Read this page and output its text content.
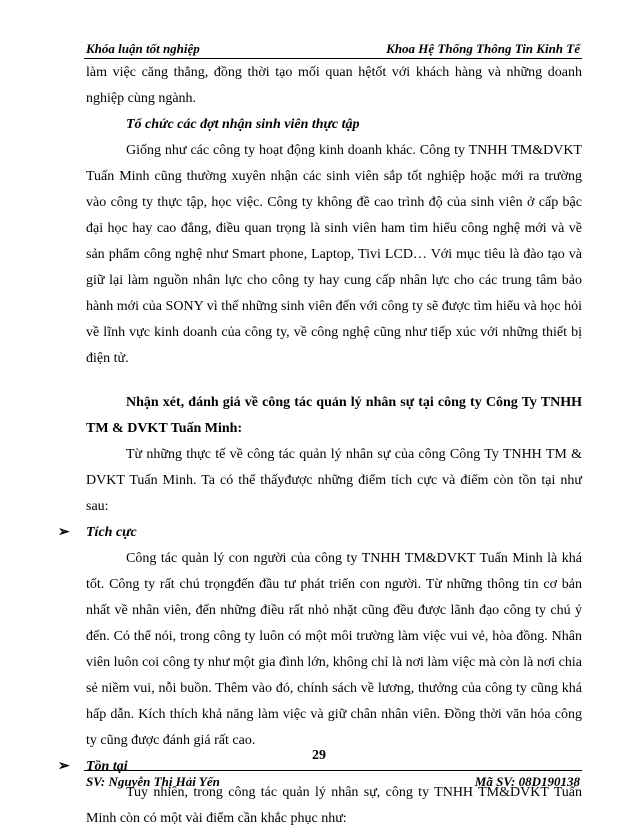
Khóa luận tốt nghiệp	Khoa Hệ Thống Thông Tin Kinh Tế

làm việc căng thẳng, đồng thời tạo mối quan hệtốt với khách hàng và những doanh nghiệp cùng ngành.

Tổ chức các đợt nhận sinh viên thực tập

Giống như các công ty hoạt động kinh doanh khác. Công ty TNHH TM&DVKT Tuấn Minh cũng thường xuyên nhận các sinh viên sắp tốt nghiệp hoặc mới ra trường vào công ty thực tập, học việc. Công ty không đề cao trình độ của sinh viên ở cấp bậc đại học hay cao đẳng, điều quan trọng là sinh viên ham tìm hiểu công nghệ mới và về sản phẩm công nghệ như Smart phone, Laptop, Tivi LCD… Với mục tiêu là đào tạo và giữ lại làm nguồn nhân lực cho công ty hay cung cấp nhân lực cho các trung tâm bảo hành mới của SONY vì thế những sinh viên đến với công ty sẽ được tìm hiểu và học hỏi về lĩnh vực kinh doanh của công ty, về công nghệ cũng như tiếp xúc với những thiết bị điện tử.

Nhận xét, đánh giá về công tác quản lý nhân sự tại công ty Công Ty TNHH TM & DVKT Tuấn Minh:

Từ những thực tế về công tác quản lý nhân sự của công Công Ty TNHH TM & DVKT Tuấn Minh. Ta có thể thấyđược những điểm tích cực và điểm còn tồn tại như sau:

➢ Tích cực

Công tác quản lý con người của công ty TNHH TM&DVKT Tuấn Minh là khá tốt. Công ty rất chú trọngđến đầu tư phát triển con người. Từ những thông tin cơ bản nhất về nhân viên, đến những điều rất nhỏ nhặt cũng đều được lãnh đạo công ty chú ý đến. Có thể nói, trong công ty luôn có một môi trường làm việc vui vẻ, hòa đồng. Nhân viên luôn coi công ty như một gia đình lớn, không chỉ là nơi làm việc mà còn là nơi chia sẻ niềm vui, nỗi buồn. Thêm vào đó, chính sách về lương, thưởng của công ty cũng khá hấp dẫn. Kích thích khả năng làm việc và giữ chân nhân viên. Đồng thời văn hóa công ty cũng được đánh giá rất cao.

➢ Tồn tại

Tuy nhiên, trong công tác quản lý nhân sự, công ty TNHH TM&DVKT Tuấn Minh còn có một vài điểm cần khắc phục như:

29
SV: Nguyễn Thị Hải Yến	Mã SV: 08D190138
